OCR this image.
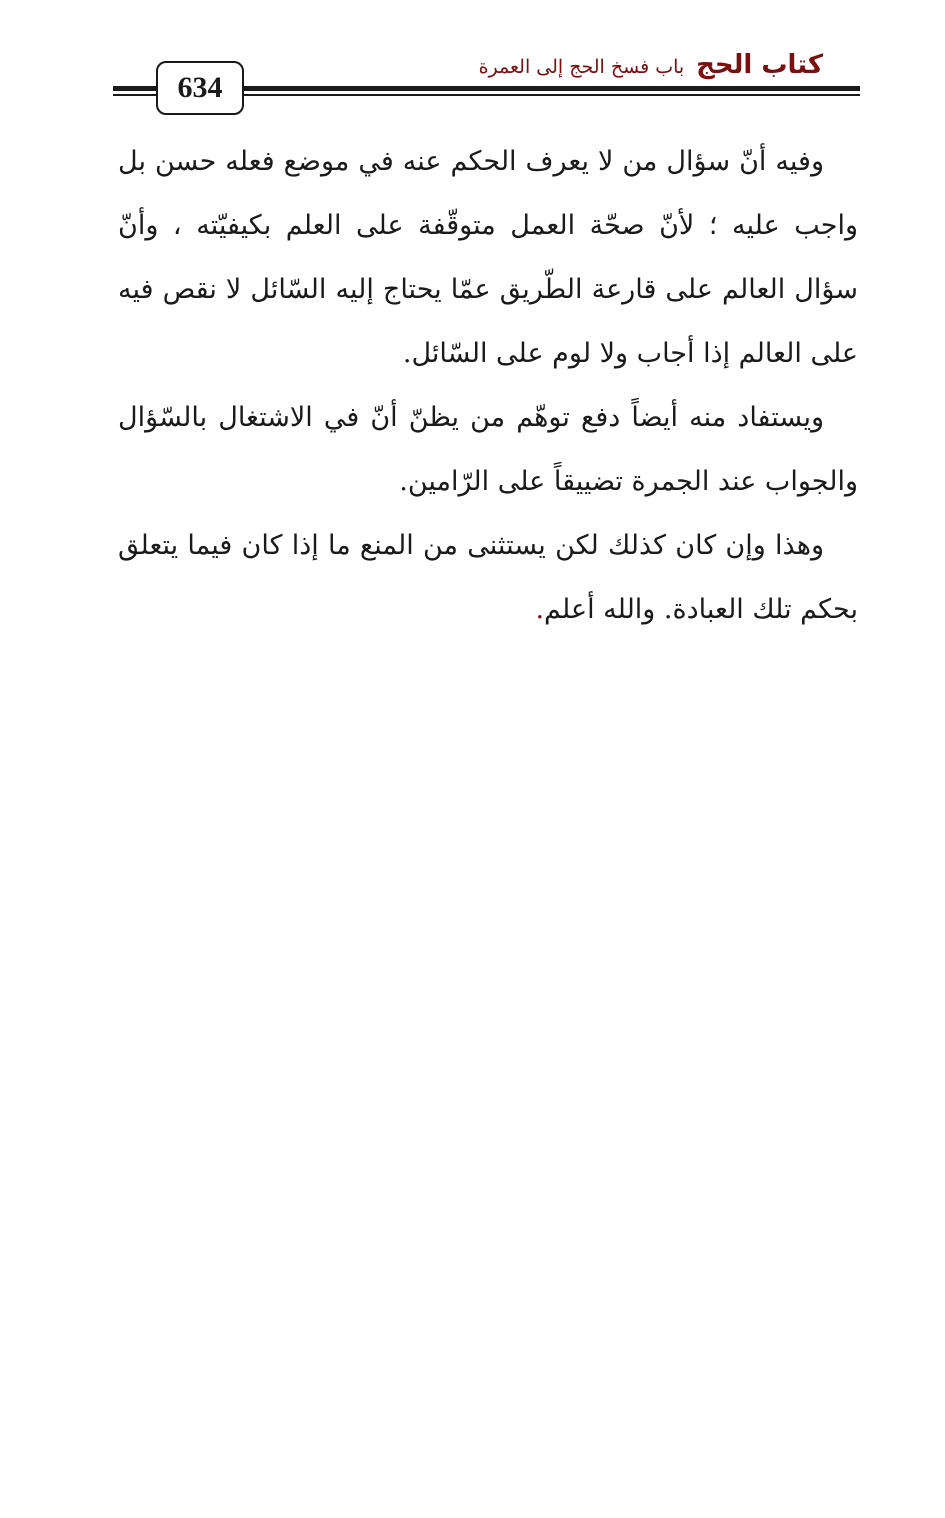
634
كتاب الحج
باب فسخ الحج إلى العمرة

وفيه أنّ سؤال من لا يعرف الحكم عنه في موضع فعله حسن بل واجب عليه ؛ لأنّ صحّة العمل متوقّفة على العلم بكيفيّته ، وأنّ سؤال العالم على قارعة الطّريق عمّا يحتاج إليه السّائل لا نقص فيه على العالم إذا أجاب ولا لوم على السّائل.

ويستفاد منه أيضاً دفع توهّم من يظنّ أنّ في الاشتغال بالسّؤال والجواب عند الجمرة تضييقاً على الرّامين.

وهذا وإن كان كذلك لكن يستثنى من المنع ما إذا كان فيما يتعلق بحكم تلك العبادة. والله أعلم.
